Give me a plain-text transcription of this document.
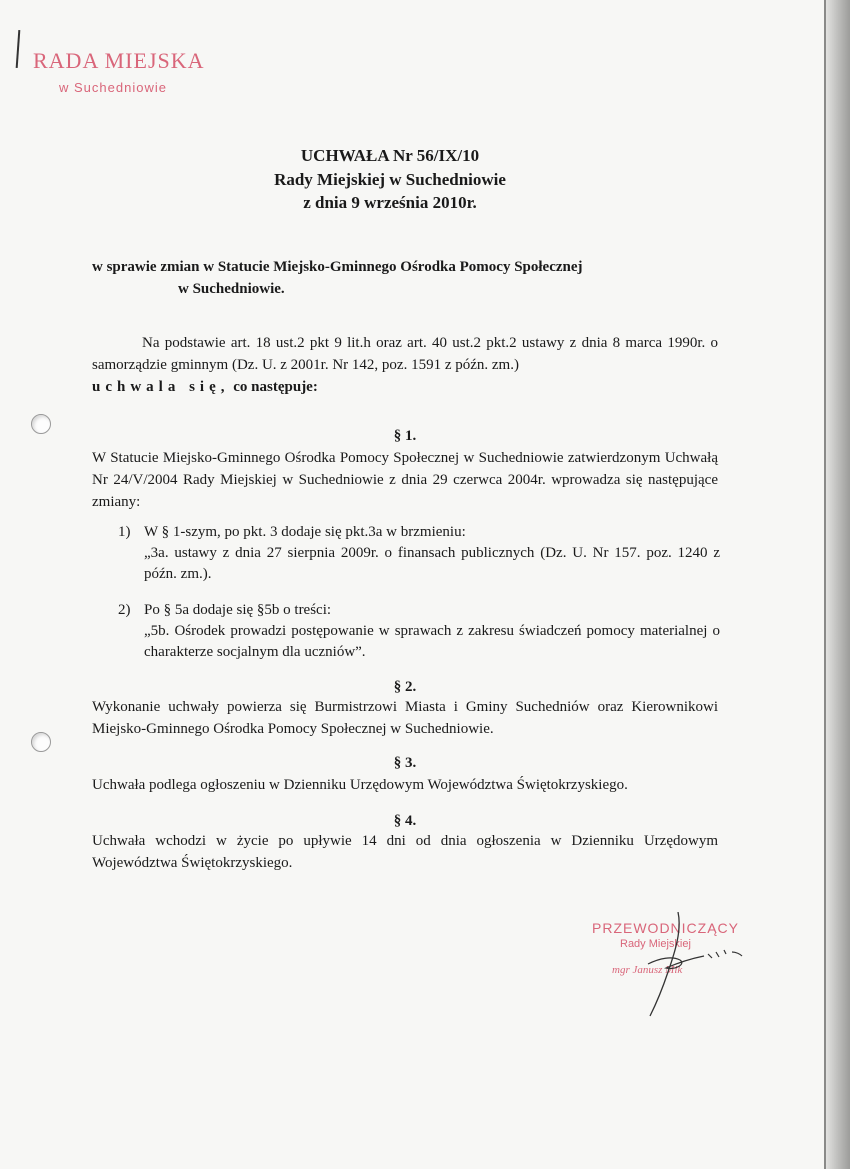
RADA MIEJSKA
w Suchedniowie
UCHWAŁA Nr 56/IX/10
Rady Miejskiej w Suchedniowie
z dnia 9 września 2010r.
w sprawie zmian w Statucie Miejsko-Gminnego Ośrodka Pomocy Społecznej
w Suchedniowie.
Na podstawie art. 18 ust.2 pkt 9 lit.h oraz art. 40 ust.2 pkt.2 ustawy z dnia 8 marca 1990r. o samorządzie gminnym (Dz. U. z 2001r. Nr 142, poz. 1591 z późn. zm.)
uchwala się, co następuje:
§ 1.
W Statucie Miejsko-Gminnego Ośrodka Pomocy Społecznej w Suchedniowie zatwierdzonym Uchwałą Nr 24/V/2004 Rady Miejskiej w Suchedniowie z dnia 29 czerwca 2004r. wprowadza się następujące zmiany:
1) W § 1-szym, po pkt. 3 dodaje się pkt.3a w brzmieniu:
„3a. ustawy z dnia 27 sierpnia 2009r. o finansach publicznych (Dz. U. Nr 157. poz. 1240 z późn. zm.).
2) Po § 5a dodaje się §5b o treści:
„5b. Ośrodek prowadzi postępowanie w sprawach z zakresu świadczeń pomocy materialnej o charakterze socjalnym dla uczniów”.
§ 2.
Wykonanie uchwały powierza się Burmistrzowi Miasta i Gminy Suchedniów oraz Kierownikowi Miejsko-Gminnego Ośrodka Pomocy Społecznej w Suchedniowie.
§ 3.
Uchwała podlega ogłoszeniu w Dzienniku Urzędowym Województwa Świętokrzyskiego.
§ 4.
Uchwała wchodzi w życie po upływie 14 dni od dnia ogłoszenia w Dzienniku Urzędowym Województwa Świętokrzyskiego.
PRZEWODNICZĄCY
Rady Miejskiej
mgr Janusz Mik
